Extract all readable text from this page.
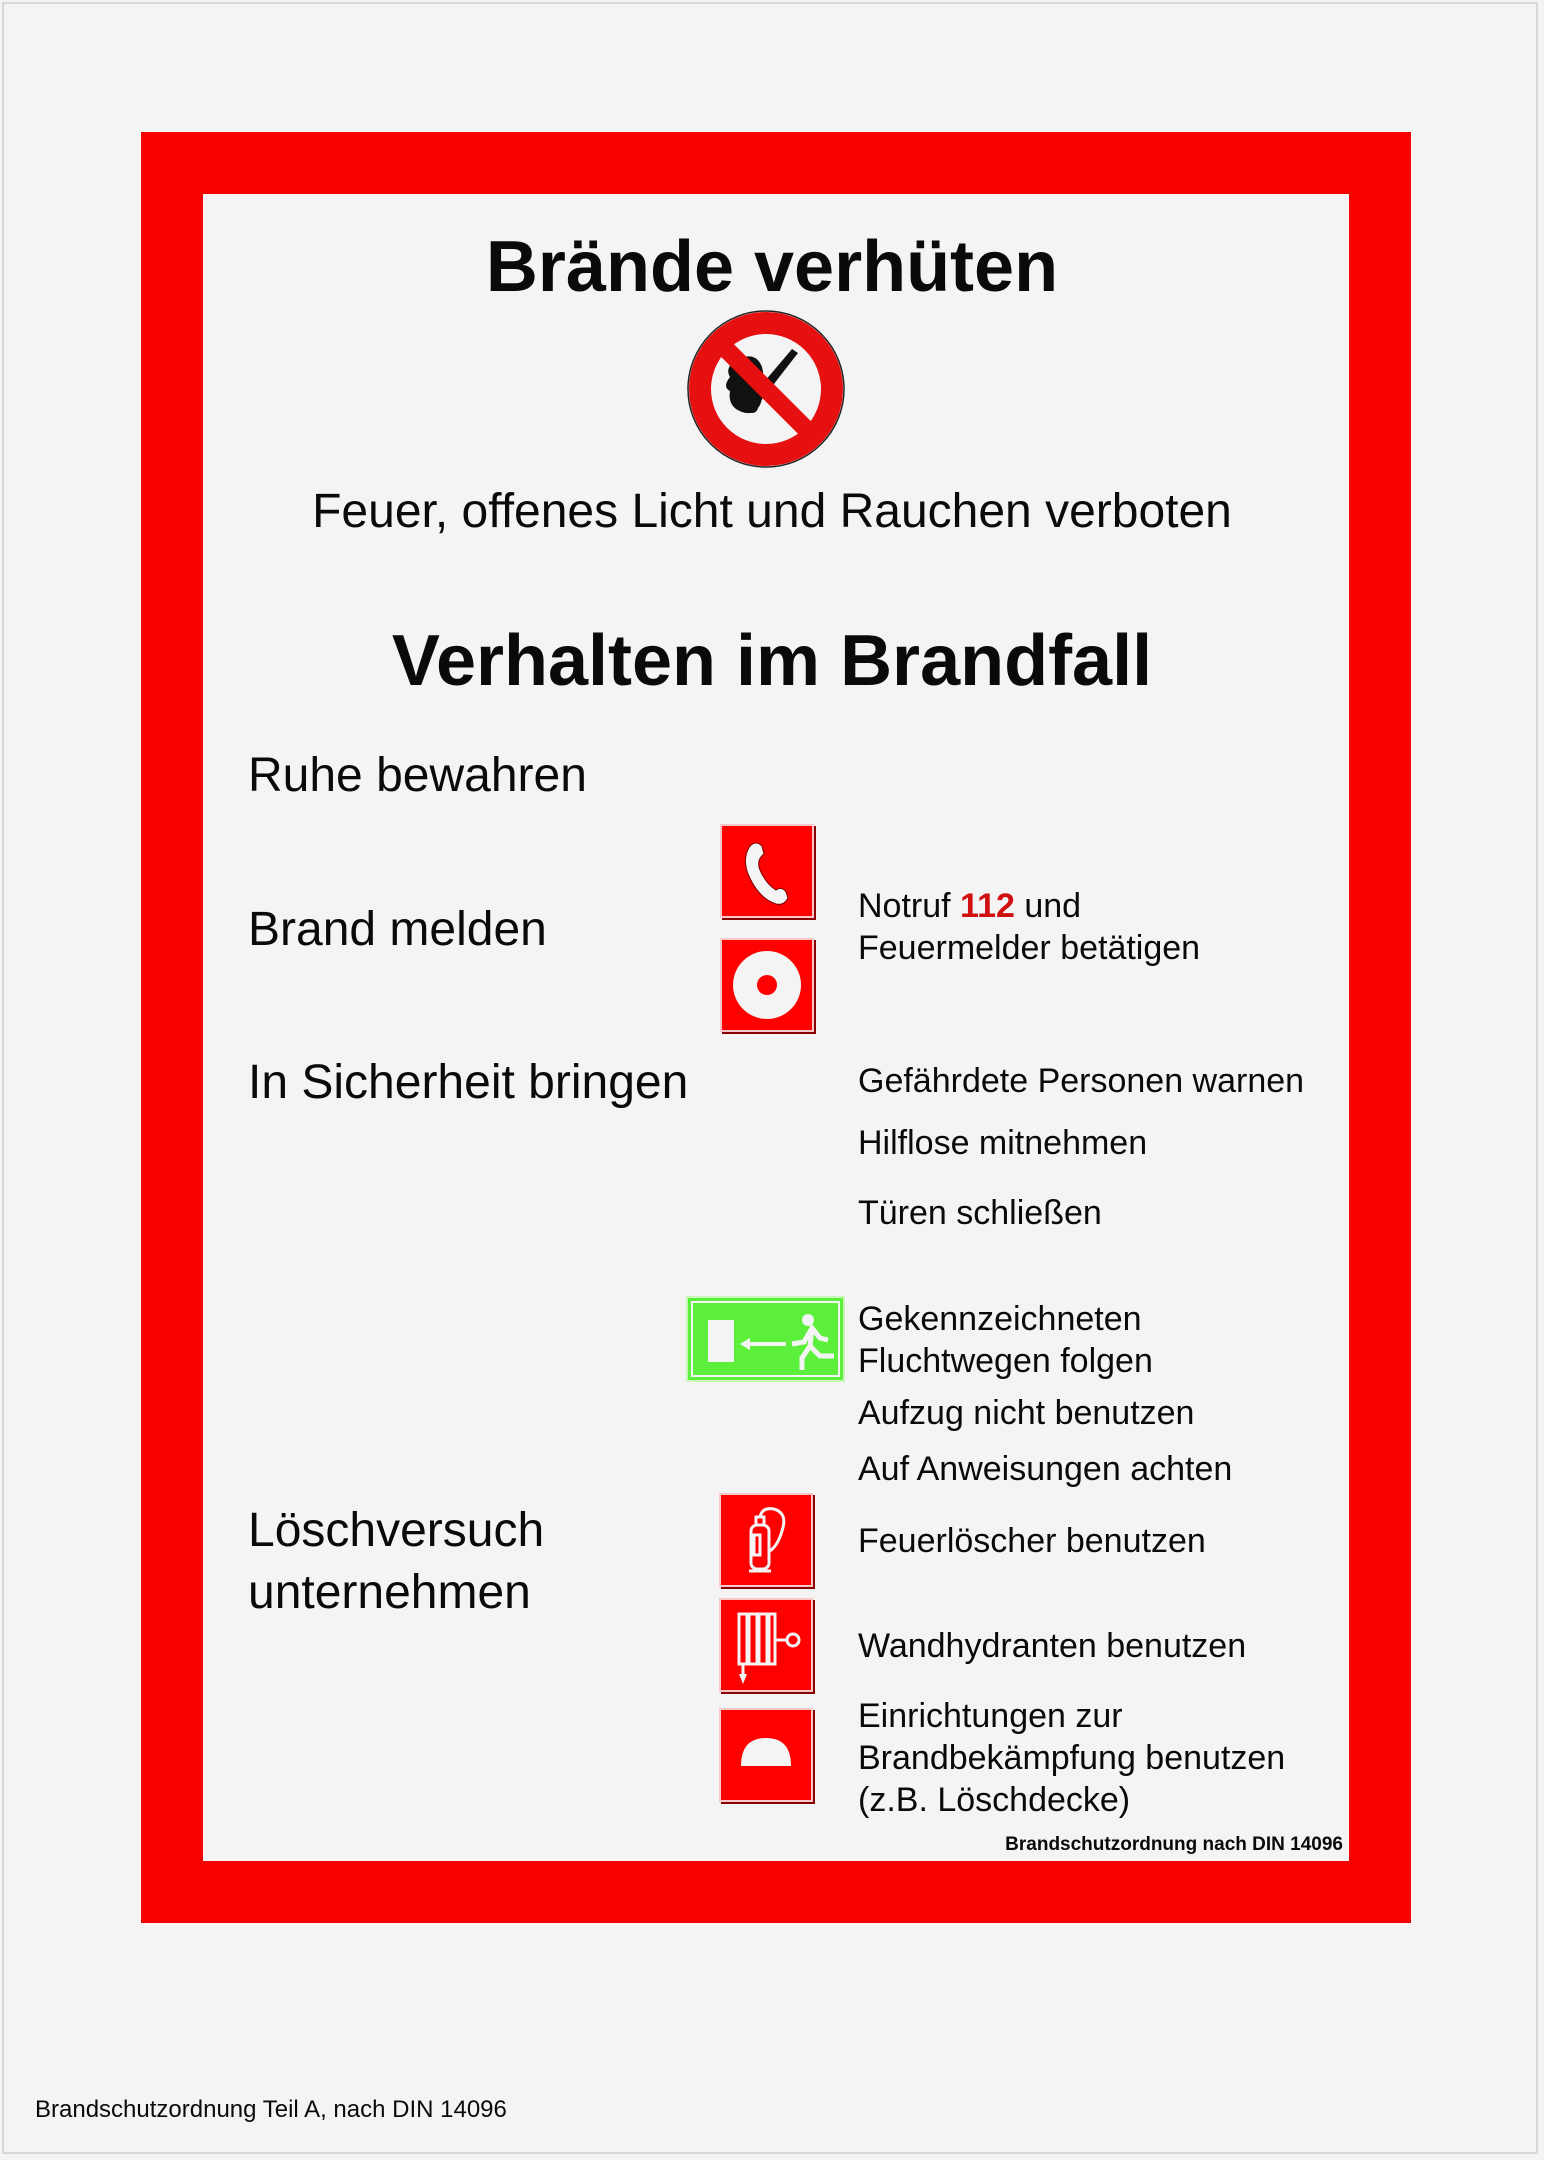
Brände verhüten
Feuer, offenes Licht und Rauchen verboten
Verhalten im Brandfall
Ruhe bewahren
Brand melden	Notruf 112 und
Feuermelder betätigen
In Sicherheit bringen	Gefährdete Personen warnen
Hilflose mitnehmen
Türen schließen
Gekennzeichneten
Fluchtwegen folgen
Aufzug nicht benutzen
Auf Anweisungen achten
Löschversuch
unternehmen
Feuerlöscher benutzen
Wandhydranten benutzen
Einrichtungen zur
Brandbekämpfung benutzen
(z.B. Löschdecke)
Brandschutzordnung nach DIN 14096
Brandschutzordnung Teil A, nach DIN 14096
